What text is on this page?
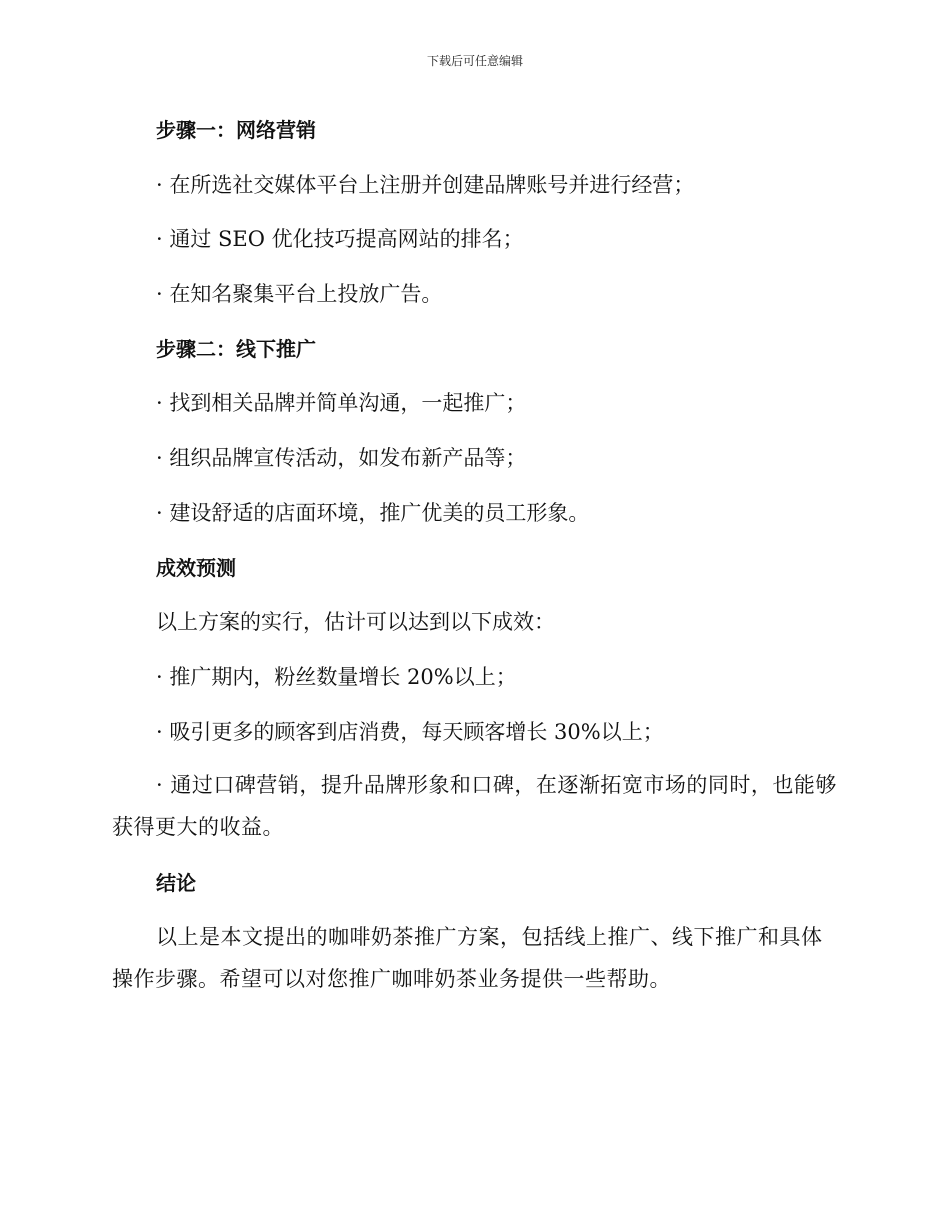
下载后可任意编辑
步骤一：网络营销
· 在所选社交媒体平台上注册并创建品牌账号并进行经营；
· 通过 SEO 优化技巧提高网站的排名；
· 在知名聚集平台上投放广告。
步骤二：线下推广
· 找到相关品牌并简单沟通，一起推广；
· 组织品牌宣传活动，如发布新产品等；
· 建设舒适的店面环境，推广优美的员工形象。
成效预测
以上方案的实行，估计可以达到以下成效：
· 推广期内，粉丝数量增长 20%以上；
· 吸引更多的顾客到店消费，每天顾客增长 30%以上；
· 通过口碑营销，提升品牌形象和口碑，在逐渐拓宽市场的同时，也能够获得更大的收益。
结论
以上是本文提出的咖啡奶茶推广方案，包括线上推广、线下推广和具体操作步骤。希望可以对您推广咖啡奶茶业务提供一些帮助。
